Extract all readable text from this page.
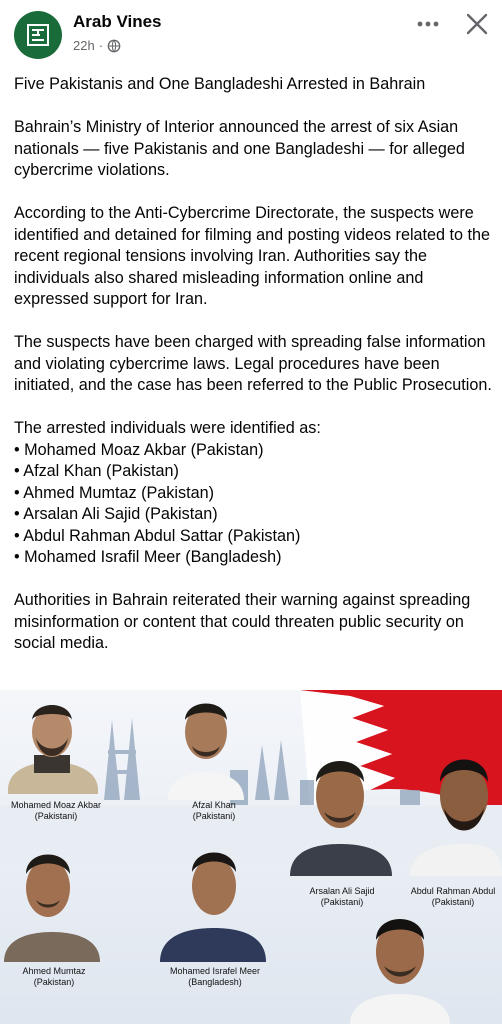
Arab Vines
22h ·

Five Pakistanis and One Bangladeshi Arrested in Bahrain

Bahrain’s Ministry of Interior announced the arrest of six Asian nationals — five Pakistanis and one Bangladeshi — for alleged cybercrime violations.

According to the Anti-Cybercrime Directorate, the suspects were identified and detained for filming and posting videos related to the recent regional tensions involving Iran. Authorities say the individuals also shared misleading information online and expressed support for Iran.

The suspects have been charged with spreading false information and violating cybercrime laws. Legal procedures have been initiated, and the case has been referred to the Public Prosecution.

The arrested individuals were identified as:

• Mohamed Moaz Akbar (Pakistan)

• Afzal Khan (Pakistan)

• Ahmed Mumtaz (Pakistan)

• Arsalan Ali Sajid (Pakistan)

• Abdul Rahman Abdul Sattar (Pakistan)

• Mohamed Israfil Meer (Bangladesh)

Authorities in Bahrain reiterated their warning against spreading misinformation or content that could threaten public security on social media.

Mohamed Moaz Akbar
(Pakistani)
Afzal Khan
(Pakistani)
Arsalan Ali Sajid
(Pakistani)
Abdul Rahman Abdul
(Pakistani)
Ahmed Mumtaz
(Pakistan)
Mohamed Israfel Meer
(Bangladesh)
